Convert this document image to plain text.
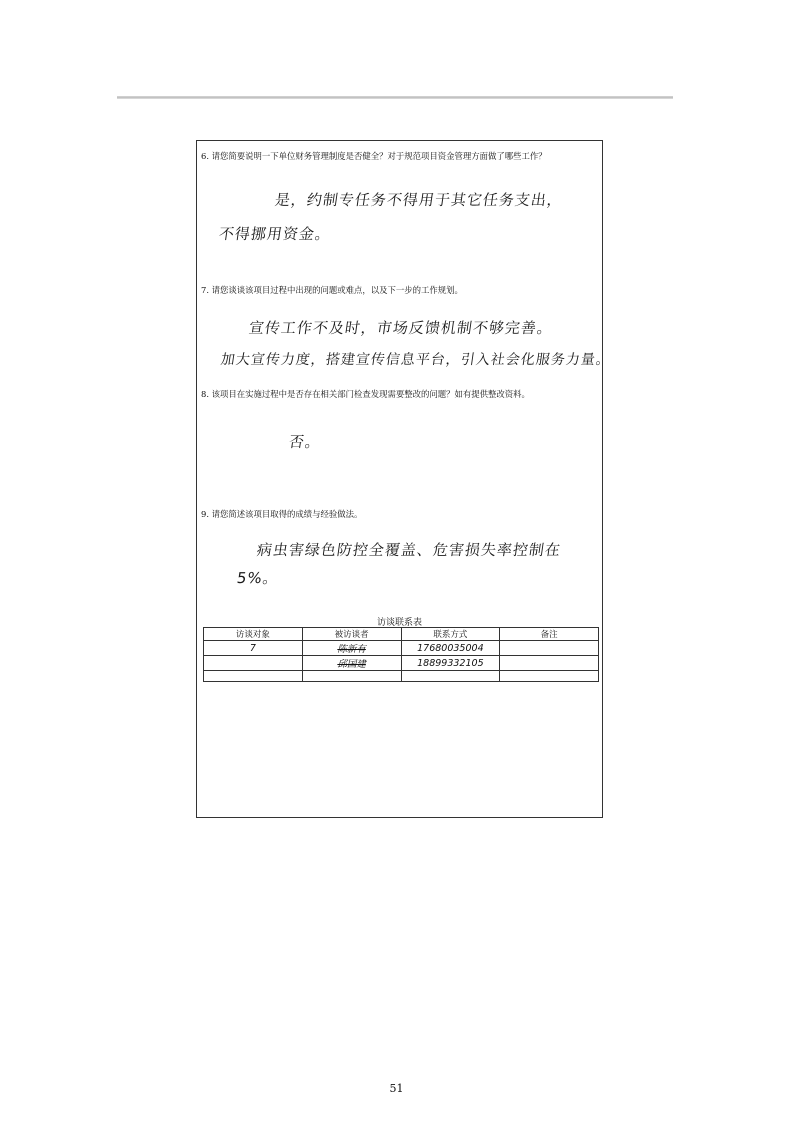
6. 请您简要说明一下单位财务管理制度是否健全？对于规范项目资金管理方面做了哪些工作？
是，约制专任务不得用于其它任务支出，
不得挪用资金。
7. 请您谈谈该项目过程中出现的问题或难点，以及下一步的工作规划。
宣传工作不及时，市场反馈机制不够完善。
加大宣传力度，搭建宣传信息平台，引入社会化服务力量。
8. 该项目在实施过程中是否存在相关部门检查发现需要整改的问题？如有提供整改资料。
否。
9. 请您简述该项目取得的成绩与经验做法。
病虫害绿色防控全覆盖、危害损失率控制在
5%。
访谈联系表
访谈对象	被访谈者	联系方式	备注
7	陈新有	17680035004	
	邱国建	18899332105	

51
